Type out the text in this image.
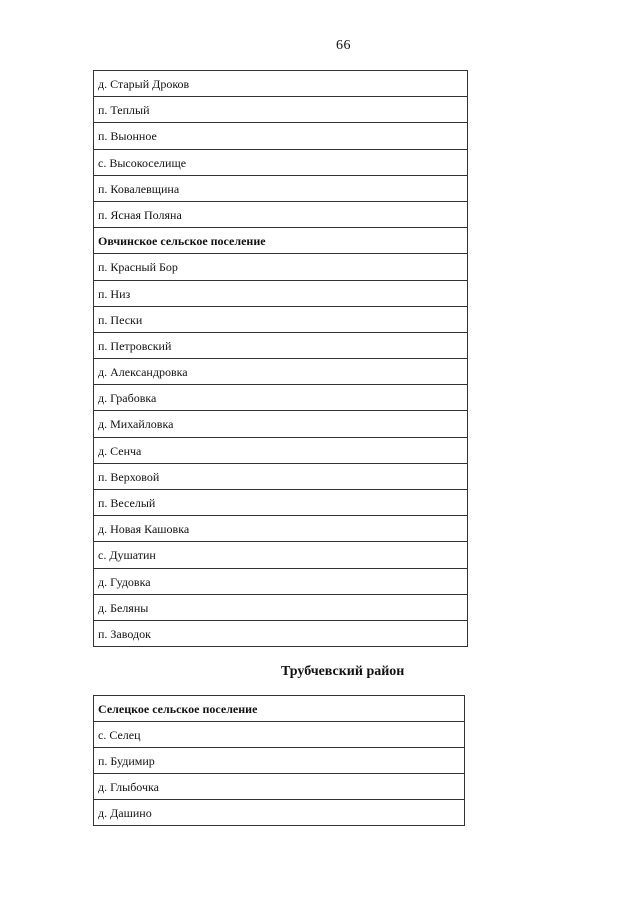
66
д. Старый Дроков
п. Теплый
п. Выонное
с. Высокоселище
п. Ковалевщина
п. Ясная Поляна
Овчинское сельское поселение
п. Красный Бор
п. Низ
п. Пески
п. Петровский
д. Александровка
д. Грабовка
д. Михайловка
д. Сенча
п. Верховой
п. Веселый
д. Новая Кашовка
с. Душатин
д. Гудовка
д. Беляны
п. Заводок
Трубчевский район
Селецкое сельское поселение
с. Селец
п. Будимир
д. Глыбочка
д. Дашино
